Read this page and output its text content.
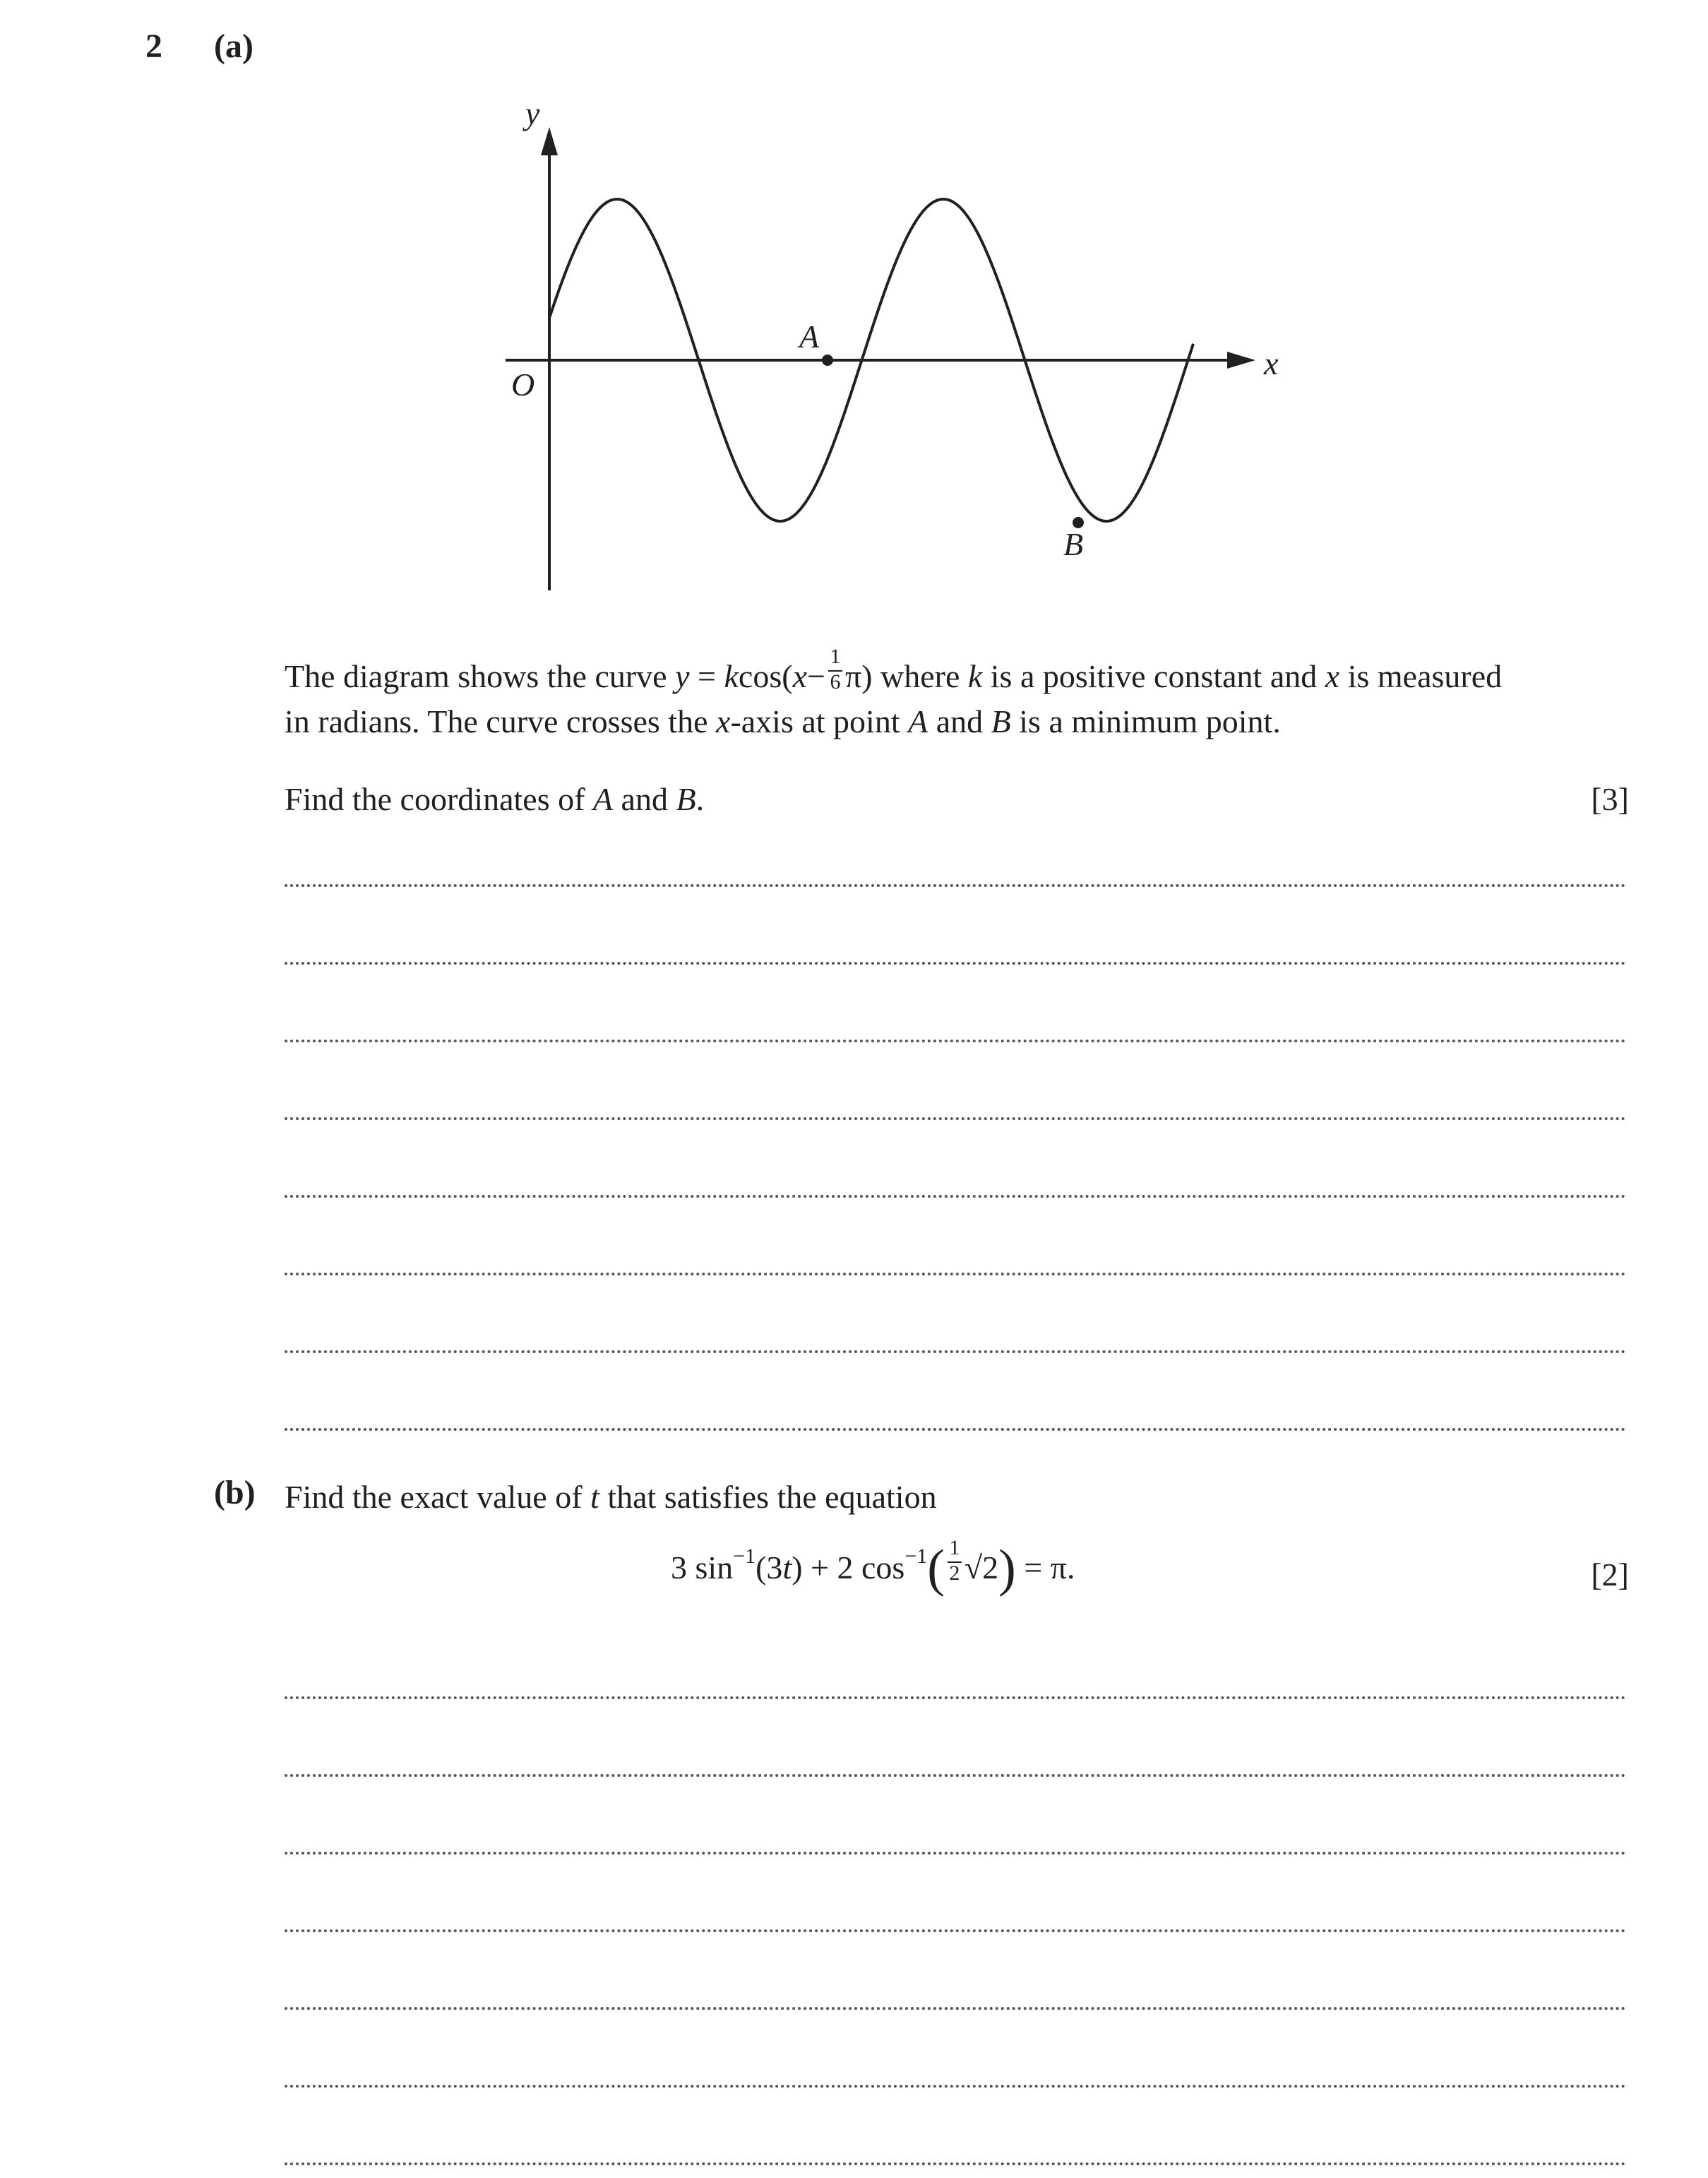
2 (a)
y
x
O
A
B
The diagram shows the curve $y = kcos(x- \frac{1}{6} \pi)$ where k is a positive constant and x is measured
in radians. The curve crosses the x-axis at point A and B is a minimum point.
Find the coordinates of A and B.	[3]
(b) Find the exact value of t that satisfies the equation
3 $\sin^{-1}(3t) + 2$ $\cos^{-1}( \frac{1}{2} √2) = \pi$.	[2]
